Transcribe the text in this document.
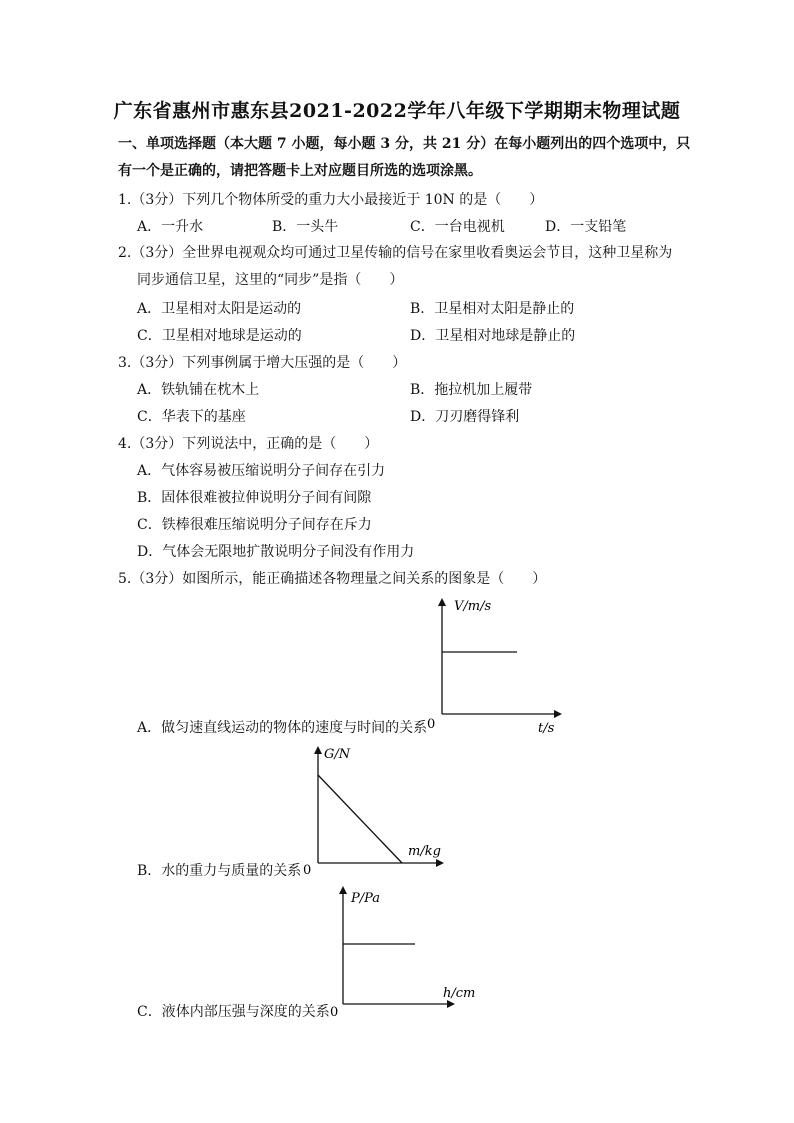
广东省惠州市惠东县2021-2022学年八年级下学期期末物理试题
一、单项选择题（本大题 7 小题，每小题 3 分，共 21 分）在每小题列出的四个选项中，只
有一个是正确的，请把答题卡上对应题目所选的选项涂黑。
1.（3分）下列几个物体所受的重力大小最接近于 10N 的是（　　）
A．一升水	B．一头牛	C．一台电视机	D．一支铅笔
2.（3分）全世界电视观众均可通过卫星传输的信号在家里收看奥运会节目，这种卫星称为
同步通信卫星，这里的“同步”是指（　　）
A．卫星相对太阳是运动的	B．卫星相对太阳是静止的
C．卫星相对地球是运动的	D．卫星相对地球是静止的
3.（3分）下列事例属于增大压强的是（　　）
A．铁轨铺在枕木上	B．拖拉机加上履带
C．华表下的基座	D．刀刃磨得锋利
4.（3分）下列说法中，正确的是（　　）
A．气体容易被压缩说明分子间存在引力
B．固体很难被拉伸说明分子间有间隙
C．铁棒很难压缩说明分子间存在斥力
D．气体会无限地扩散说明分子间没有作用力
5.（3分）如图所示，能正确描述各物理量之间关系的图象是（　　）
A．做匀速直线运动的物体的速度与时间的关系
V/m/s
t/s
0
B．水的重力与质量的关系
G/N
m/kg
0
C．液体内部压强与深度的关系
P/Pa
h/cm
0
